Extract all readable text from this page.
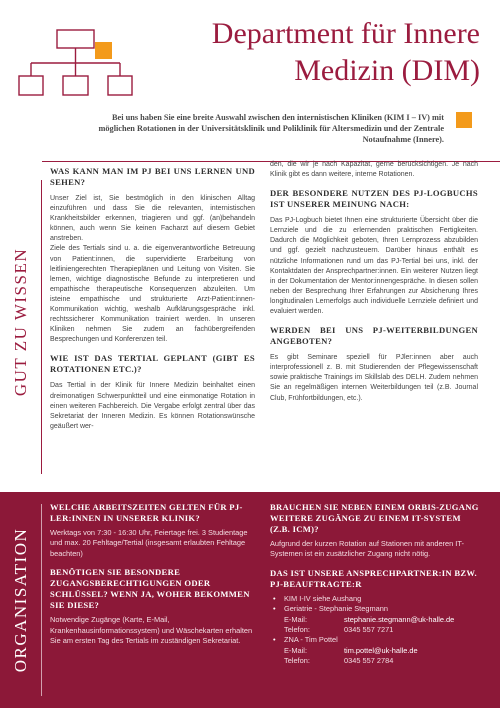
Department für Innere Medizin (DIM)
Bei uns haben Sie eine breite Auswahl zwischen den internistischen Kliniken (KIM I – IV) mit möglichen Rotationen in der Universitätsklinik und Poliklinik für Altersmedizin und der Zentrale Notaufnahme (Innere).
GUT ZU WISSEN
WAS KANN MAN IM PJ BEI UNS LERNEN UND SEHEN?

Unser Ziel ist, Sie bestmöglich in den klinischen Alltag einzuführen und dass Sie die relevanten, internistischen Krankheitsbilder erkennen, triagieren und ggf. (an)behandeln können, auch wenn Sie keinen Facharzt auf diesem Gebiet anstreben.

Ziele des Tertials sind u. a. die eigenverantwortliche Betreuung von Patient:innen, die supervidierte Erarbeitung von leitliniengerechten Therapieplänen und Leitung von Visiten. Sie lernen, wichtige diagnostische Befunde zu interpretieren und empathische therapeutische Konsequenzen abzuleiten. Um isteine empathische und strukturierte Arzt-Patient:innen-Kommunikation wichtig, weshalb Aufklärungsgespräche inkl. rechtssicherer Kommunikation trainiert werden. In unseren Kliniken nehmen Sie zudem an fachübergreifenden Besprechungen und Konferenzen teil.

WIE IST DAS TERTIAL GEPLANT (GIBT ES ROTATIONEN ETC.)?

Das Tertial in der Klinik für Innere Medizin beinhaltet einen dreimonatigen Schwerpunktteil und eine einmonatige Rotation in einen weiteren Fachbereich. Die Vergabe erfolgt zentral über das Sekretariat der Inneren Medizin. Es können Rotationswünsche geäußert wer-

den, die wir je nach Kapazität, gerne berücksichtigen. Je nach Klinik gibt es dann weitere, interne Rotationen.

DER BESONDERE NUTZEN DES PJ-LOGBUCHS IST UNSERER MEINUNG NACH:

Das PJ-Logbuch bietet Ihnen eine strukturierte Übersicht über die Lernziele und die zu erlernenden praktischen Fertigkeiten. Dadurch die Möglichkeit geboten, Ihren Lernprozess abzubilden und ggf. gezielt nachzusteuern. Darüber hinaus enthält es nützliche Informationen rund um das PJ-Tertial bei uns, inkl. der Kontaktdaten der Ansprechpartner:innen. Ein weiterer Nutzen liegt in der Dokumentation der Mentor:innengespräche. In diesen sollen neben der Besprechung Ihrer Erfahrungen zur Absicherung Ihres longitudinalen Lernerfolgs auch individuelle Lernziele definiert und evaluiert werden.

WERDEN BEI UNS PJ-WEITERBILDUNGEN ANGEBOTEN?

Es gibt Seminare speziell für PJler:innen aber auch interprofessionell z. B. mit Studierenden der Pflegewissenschaft sowie praktische Trainings im Skillslab des DELH. Zudem nehmen Sie an regelmäßigen internen Weiterbildungen teil (z.B. Journal Club, Frühfortbildungen, etc.).

ORGANISATION
WELCHE ARBEITSZEITEN GELTEN FÜR PJ-LER:INNEN IN UNSERER KLINIK?

Werktags von 7:30 - 16:30 Uhr, Feiertage frei. 3 Studientage und max. 20 Fehltage/Tertial (insgesamt erlaubten Fehltage beachten)

BENÖTIGEN SIE BESONDERE ZUGANGSBERECHTIGUNGEN ODER SCHLÜSSEL? WENN JA, WOHER BEKOMMEN SIE DIESE?

Notwendige Zugänge (Karte, E-Mail, Krankenhausinformationssystem) und Wäschekarten erhalten Sie am ersten Tag des Tertials im zuständigen Sekretariat.

BRAUCHEN SIE NEBEN EINEM ORBIS-ZUGANG WEITERE ZUGÄNGE ZU EINEM IT-SYSTEM (Z.B. ICM)?

Aufgrund der kurzen Rotation auf Stationen mit anderen IT-Systemen ist ein zusätzlicher Zugang nicht nötig.

DAS IST UNSERE ANSPRECHPARTNER:IN BZW. PJ-BEAUFTRAGTE:R
• KIM I-IV siehe Aushang
• Geriatrie - Stephanie Stegmann
E-Mail:	stephanie.stegmann@uk-halle.de
Telefon:	0345 557 7271
• ZNA - Tim Pottel
E-Mail:	tim.pottel@uk-halle.de
Telefon:	0345 557 2784
